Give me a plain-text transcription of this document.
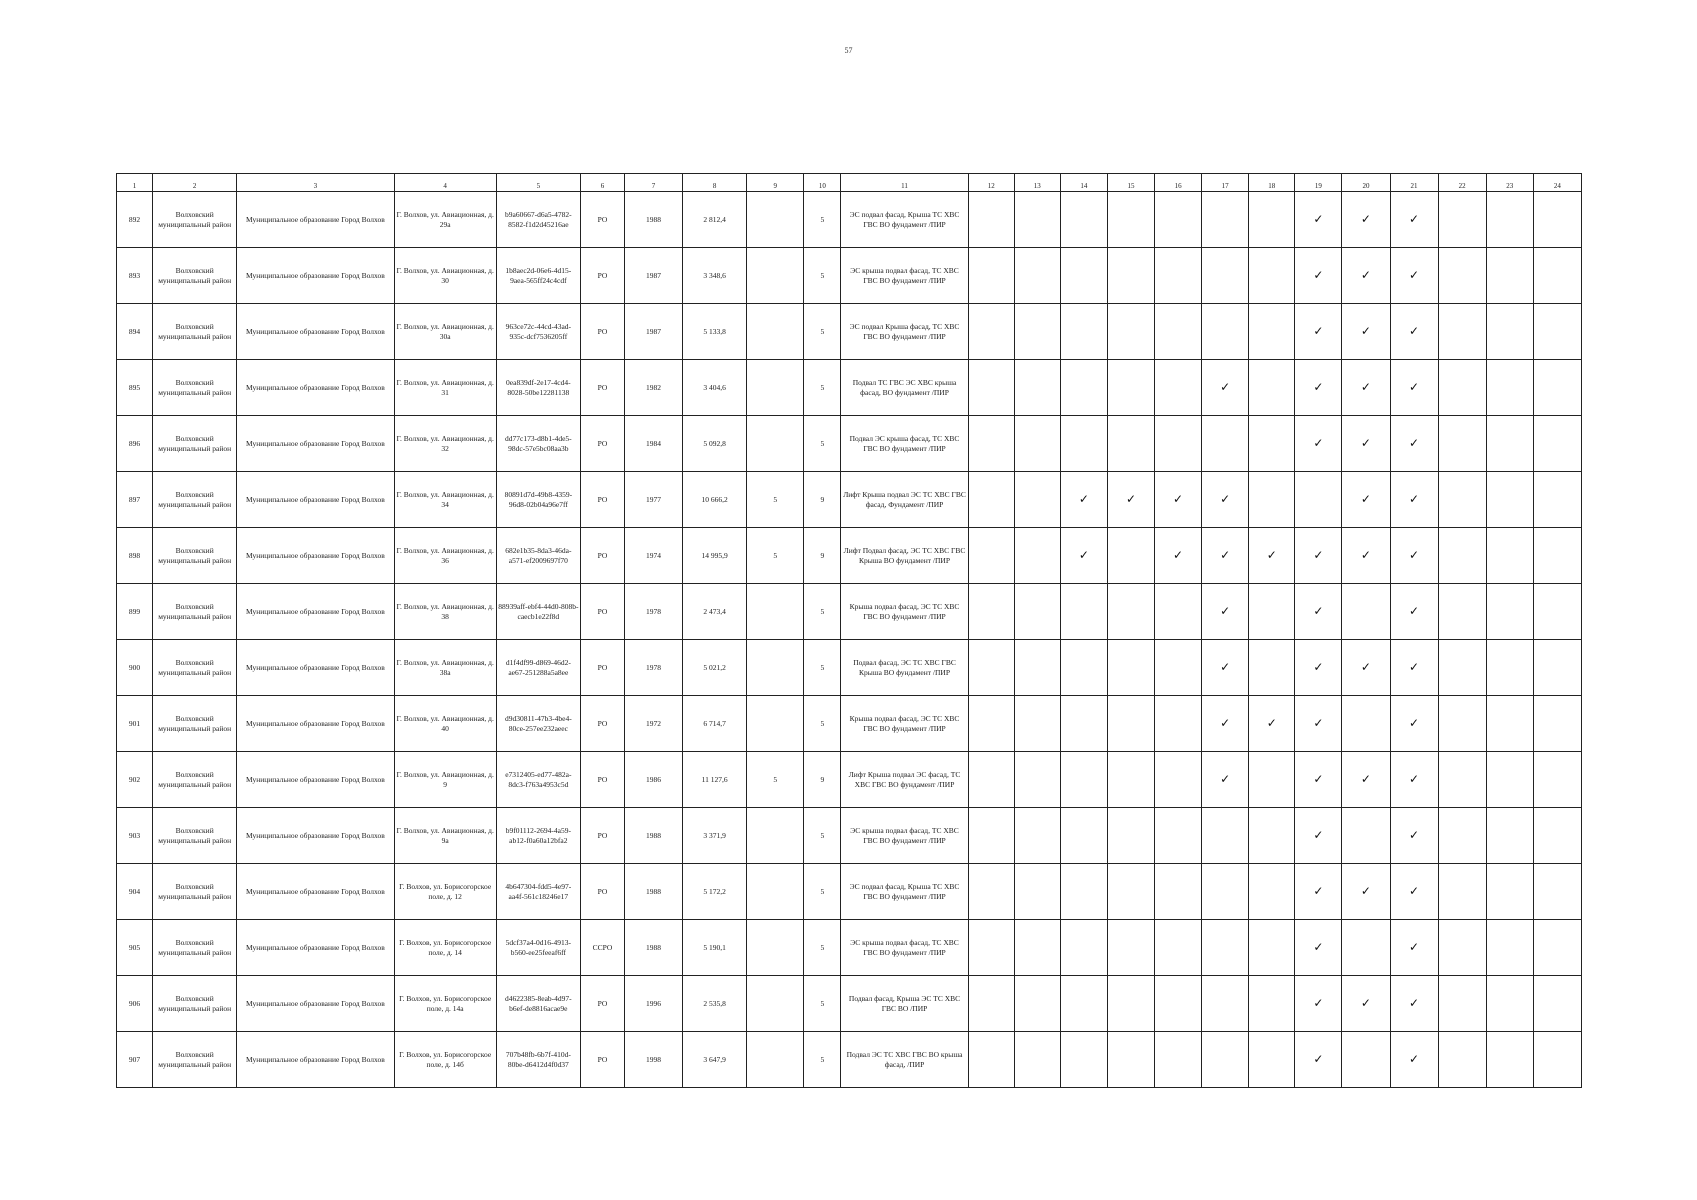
57
1	2	3	4	5	6	7	8	9	10	11	12	13	14	15	16	17	18	19	20	21	22	23	24
892	Волховский муниципальный район	Муниципальное образование Город Волхов	Г. Волхов, ул. Авиационная, д. 29а	b9a60667-d6a5-4782-8582-f1d2d45216ae	РО	1988	2 812,4		5	ЭС подвал фасад, Крыша ТС ХВС ГВС ВО фундамент /ПИР								✓	✓	✓			
893	Волховский муниципальный район	Муниципальное образование Город Волхов	Г. Волхов, ул. Авиационная, д. 30	1b8aec2d-06e6-4d15-9aea-565ff24c4cdf	РО	1987	3 348,6		5	ЭС крыша подвал фасад, ТС ХВС ГВС ВО фундамент /ПИР								✓	✓	✓			
894	Волховский муниципальный район	Муниципальное образование Город Волхов	Г. Волхов, ул. Авиационная, д. 30а	963ce72c-44cd-43ad-935c-dcf7536205ff	РО	1987	5 133,8		5	ЭС подвал Крыша фасад, ТС ХВС ГВС ВО фундамент /ПИР								✓	✓	✓			
895	Волховский муниципальный район	Муниципальное образование Город Волхов	Г. Волхов, ул. Авиационная, д. 31	0ea839df-2e17-4cd4-8028-50be12281138	РО	1982	3 404,6		5	Подвал ТС ГВС ЭС ХВС крыша фасад, ВО фундамент /ПИР						✓		✓	✓	✓			
896	Волховский муниципальный район	Муниципальное образование Город Волхов	Г. Волхов, ул. Авиационная, д. 32	dd77c173-d8b1-4de5-98dc-57e5bc08aa3b	РО	1984	5 092,8		5	Подвал ЭС крыша фасад, ТС ХВС ГВС ВО фундамент /ПИР								✓	✓	✓			
897	Волховский муниципальный район	Муниципальное образование Город Волхов	Г. Волхов, ул. Авиационная, д. 34	80891d7d-49b8-4359-96d8-02b04a96e7ff	РО	1977	10 666,2	5	9	Лифт Крыша подвал ЭС ТС ХВС ГВС фасад, Фундамент /ПИР			✓	✓	✓	✓			✓	✓			
898	Волховский муниципальный район	Муниципальное образование Город Волхов	Г. Волхов, ул. Авиационная, д. 36	682e1b35-8da3-46da-a571-ef2009697f70	РО	1974	14 995,9	5	9	Лифт Подвал фасад, ЭС ТС ХВС ГВС Крыша ВО фундамент /ПИР			✓		✓	✓	✓	✓	✓	✓			
899	Волховский муниципальный район	Муниципальное образование Город Волхов	Г. Волхов, ул. Авиационная, д. 38	88939aff-ebf4-44d0-808b-caecb1e22f8d	РО	1978	2 473,4		5	Крыша подвал фасад, ЭС ТС ХВС ГВС ВО фундамент /ПИР						✓		✓		✓			
900	Волховский муниципальный район	Муниципальное образование Город Волхов	Г. Волхов, ул. Авиационная, д. 38а	d1f4df99-d869-46d2-ae67-251288a5a8ee	РО	1978	5 021,2		5	Подвал фасад, ЭС ТС ХВС ГВС Крыша ВО фундамент /ПИР						✓		✓	✓	✓			
901	Волховский муниципальный район	Муниципальное образование Город Волхов	Г. Волхов, ул. Авиационная, д. 40	d9d30811-47b3-4be4-80ce-257ee232aeec	РО	1972	6 714,7		5	Крыша подвал фасад, ЭС ТС ХВС ГВС ВО фундамент /ПИР						✓	✓	✓		✓			
902	Волховский муниципальный район	Муниципальное образование Город Волхов	Г. Волхов, ул. Авиационная, д. 9	e7312405-ed77-482a-8dc3-f763a4953c5d	РО	1986	11 127,6	5	9	Лифт Крыша подвал ЭС фасад, ТС ХВС ГВС ВО фундамент /ПИР						✓		✓	✓	✓			
903	Волховский муниципальный район	Муниципальное образование Город Волхов	Г. Волхов, ул. Авиационная, д. 9а	b9f01112-2694-4a59-ab12-f0a60a12bfa2	РО	1988	3 371,9		5	ЭС крыша подвал фасад, ТС ХВС ГВС ВО фундамент /ПИР								✓		✓			
904	Волховский муниципальный район	Муниципальное образование Город Волхов	Г. Волхов, ул. Борисогорское поле, д. 12	4b647304-fdd5-4e97-aa4f-561c18246e17	РО	1988	5 172,2		5	ЭС подвал фасад, Крыша ТС ХВС ГВС ВО фундамент /ПИР								✓	✓	✓			
905	Волховский муниципальный район	Муниципальное образование Город Волхов	Г. Волхов, ул. Борисогорское поле, д. 14	5dcf37a4-0d16-4913-b560-ee25feeaf6ff	ССРО	1988	5 190,1		5	ЭС крыша подвал фасад, ТС ХВС ГВС ВО фундамент /ПИР								✓		✓			
906	Волховский муниципальный район	Муниципальное образование Город Волхов	Г. Волхов, ул. Борисогорское поле, д. 14а	d4622385-8eab-4d97-b6ef-de8816acae9e	РО	1996	2 535,8		5	Подвал фасад, Крыша ЭС ТС ХВС ГВС ВО /ПИР								✓	✓	✓			
907	Волховский муниципальный район	Муниципальное образование Город Волхов	Г. Волхов, ул. Борисогорское поле, д. 14б	707b48fb-6b7f-410d-80be-d6412d4f0d37	РО	1998	3 647,9		5	Подвал ЭС ТС ХВС ГВС ВО крыша фасад, /ПИР								✓		✓			
